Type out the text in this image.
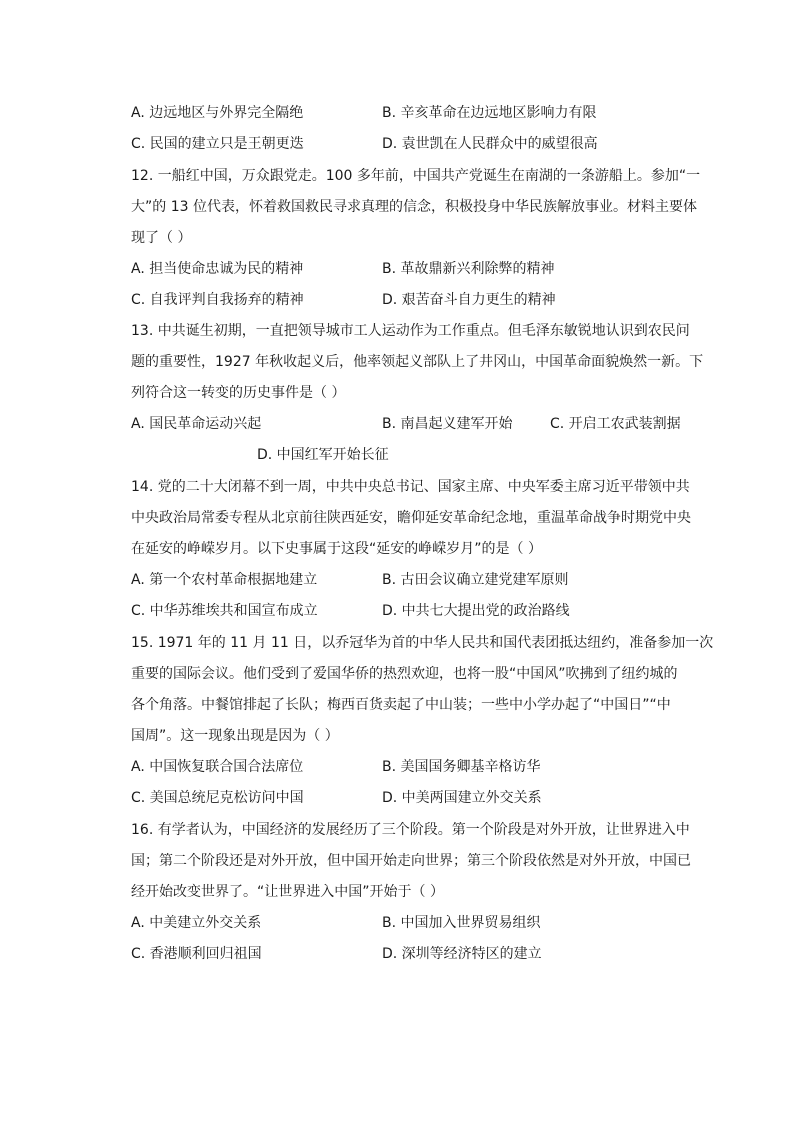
A. 边远地区与外界完全隔绝	B. 辛亥革命在边远地区影响力有限
C. 民国的建立只是王朝更迭	D. 袁世凯在人民群众中的威望很高
12. 一船红中国，万众跟党走。100 多年前，中国共产党诞生在南湖的一条游船上。参加“一
大”的 13 位代表，怀着救国救民寻求真理的信念，积极投身中华民族解放事业。材料主要体
现了（ ）
A. 担当使命忠诚为民的精神	B. 革故鼎新兴利除弊的精神
C. 自我评判自我扬弃的精神	D. 艰苦奋斗自力更生的精神
13. 中共诞生初期，一直把领导城市工人运动作为工作重点。但毛泽东敏锐地认识到农民问
题的重要性，1927 年秋收起义后，他率领起义部队上了井冈山，中国革命面貌焕然一新。下
列符合这一转变的历史事件是（ ）
A. 国民革命运动兴起	B. 南昌起义建军开始	C. 开启工农武装割据
D. 中国红军开始长征
14. 党的二十大闭幕不到一周，中共中央总书记、国家主席、中央军委主席习近平带领中共
中央政治局常委专程从北京前往陕西延安，瞻仰延安革命纪念地，重温革命战争时期党中央
在延安的峥嵘岁月。以下史事属于这段“延安的峥嵘岁月”的是（ ）
A. 第一个农村革命根据地建立	B. 古田会议确立建党建军原则
C. 中华苏维埃共和国宣布成立	D. 中共七大提出党的政治路线
15. 1971 年的 11 月 11 日，以乔冠华为首的中华人民共和国代表团抵达纽约，准备参加一次
重要的国际会议。他们受到了爱国华侨的热烈欢迎，也将一股“中国风”吹拂到了纽约城的
各个角落。中餐馆排起了长队；梅西百货卖起了中山装；一些中小学办起了“中国日”“中
国周”。这一现象出现是因为（ ）
A. 中国恢复联合国合法席位	B. 美国国务卿基辛格访华
C. 美国总统尼克松访问中国	D. 中美两国建立外交关系
16. 有学者认为，中国经济的发展经历了三个阶段。第一个阶段是对外开放，让世界进入中
国；第二个阶段还是对外开放，但中国开始走向世界；第三个阶段依然是对外开放，中国已
经开始改变世界了。“让世界进入中国”开始于（ ）
A. 中美建立外交关系	B. 中国加入世界贸易组织
C. 香港顺利回归祖国	D. 深圳等经济特区的建立
